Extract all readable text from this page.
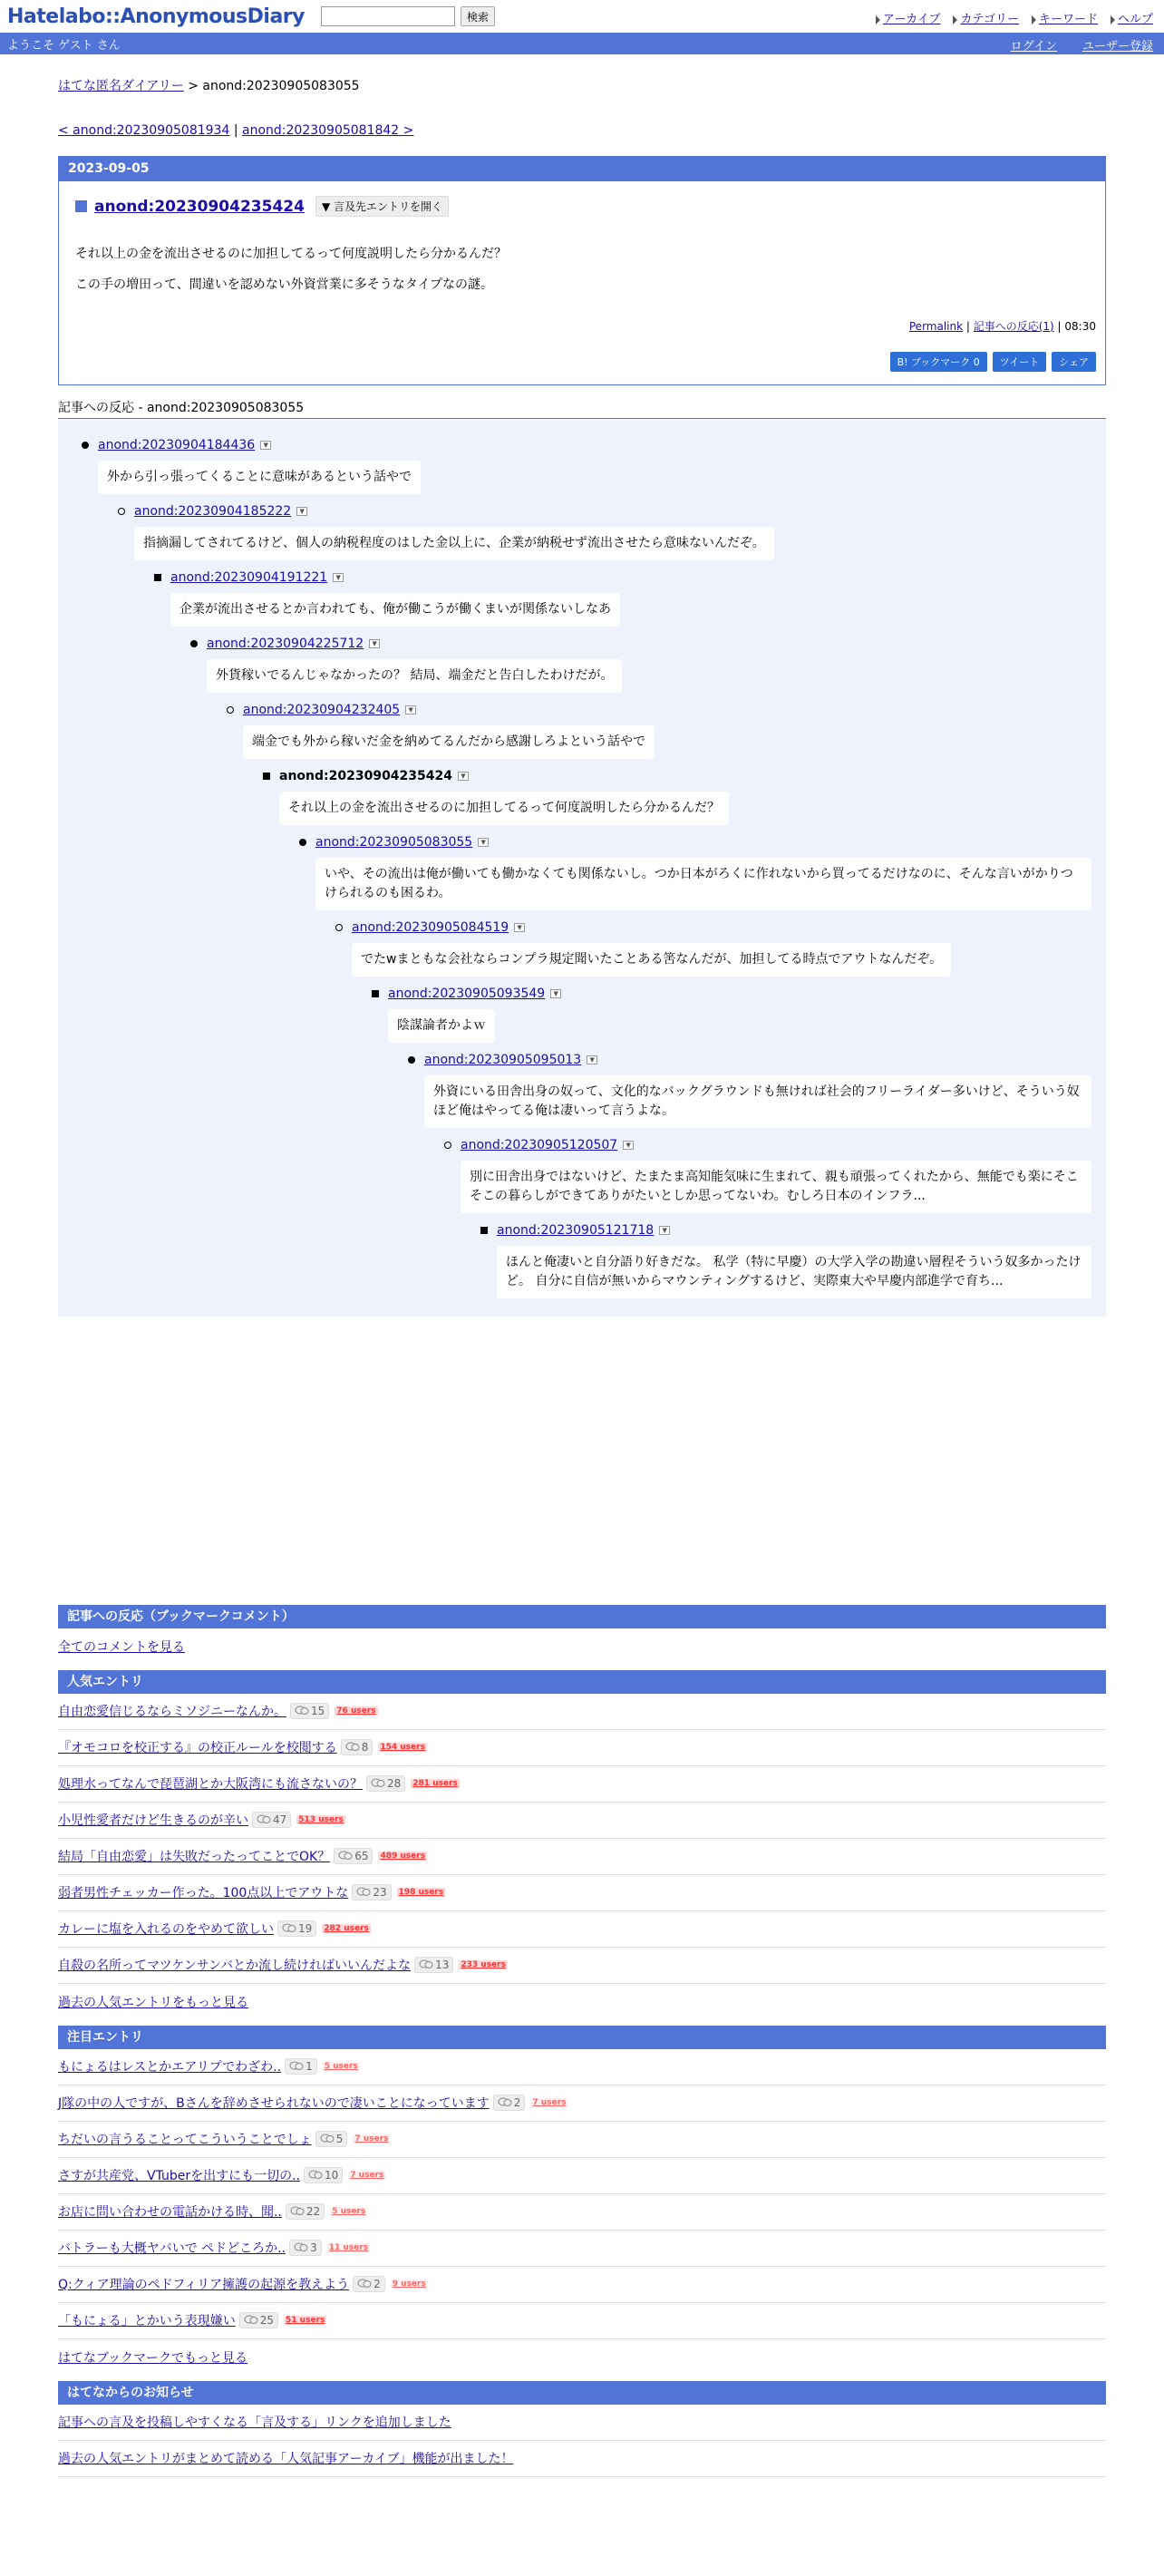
Hatelabo::AnonymousDiary	検索	アーカイブ	カテゴリー	キーワード	ヘルプ
ようこそ ゲスト さん	ログイン ユーザー登録
はてな匿名ダイアリー > anond:20230905083055
< anond:20230905081934 | anond:20230905081842 >
2023-09-05
anond:20230904235424	▼ 言及先エントリを開く

それ以上の金を流出させるのに加担してるって何度説明したら分かるんだ？

この手の増田って、間違いを認めない外資営業に多そうなタイプなの謎。

Permalink | 記事への反応(1) | 08:30
B! ブックマーク 0	ツイート	シェア
記事への反応 - anond:20230905083055
anond:20230904184436	▼
外から引っ張ってくることに意味があるという話やで
anond:20230904185222	▼
指摘漏してされてるけど、個人の納税程度のはした金以上に、企業が納税せず流出させたら意味ないんだぞ。
anond:20230904191221	▼
企業が流出させるとか言われても、俺が働こうが働くまいが関係ないしなあ
anond:20230904225712	▼
外貨稼いでるんじゃなかったの？ 結局、端金だと告白したわけだが。
anond:20230904232405	▼
端金でも外から稼いだ金を納めてるんだから感謝しろよという話やで
anond:20230904235424	▼
それ以上の金を流出させるのに加担してるって何度説明したら分かるんだ？
anond:20230905083055	▼
いや、その流出は俺が働いても働かなくても関係ないし。つか日本がろくに作れないから買ってるだけなのに、そんな言いがかりつけられるのも困るわ。
anond:20230905084519	▼
でたwまともな会社ならコンプラ規定聞いたことある筈なんだが、加担してる時点でアウトなんだぞ。
anond:20230905093549	▼
陰謀論者かよｗ
anond:20230905095013	▼
外資にいる田舎出身の奴って、文化的なバックグラウンドも無ければ社会的フリーライダー多いけど、そういう奴ほど俺はやってる俺は凄いって言うよな。
anond:20230905120507	▼
別に田舎出身ではないけど、たまたま高知能気味に生まれて、親も頑張ってくれたから、無能でも楽にそこそこの暮らしができてありがたいとしか思ってないわ。むしろ日本のインフラ...
anond:20230905121718	▼
ほんと俺凄いと自分語り好きだな。 私学（特に早慶）の大学入学の勘違い層程そういう奴多かったけど。 自分に自信が無いからマウンティングするけど、実際東大や早慶内部進学で育ち...
記事への反応（ブックマークコメント）
全てのコメントを見る
人気エントリ
自由恋愛信じるならミソジニーなんか。 15 76 users
『オモコロを校正する』の校正ルールを校閲する 8 154 users
処理水ってなんで琵琶湖とか大阪湾にも流さないの？ 28 281 users
小児性愛者だけど生きるのが辛い 47 513 users
結局「自由恋愛」は失敗だったってことでOK？ 65 489 users
弱者男性チェッカー作った。100点以上でアウトな 23 198 users
カレーに塩を入れるのをやめて欲しい 19 282 users
自殺の名所ってマツケンサンバとか流し続ければいいんだよな 13 233 users
過去の人気エントリをもっと見る
注目エントリ
もにょるはレスとかエアリプでわざわ.. 1 5 users
J隊の中の人ですが、Bさんを辞めさせられないので凄いことになっています 2 7 users
ちだいの言うることってこういうことでしょ 5 7 users
さすが共産党、VTuberを出すにも一切の.. 10 7 users
お店に問い合わせの電話かける時、聞.. 22 5 users
バトラーも大概ヤバいで ペドどころか.. 3 11 users
Q:クィア理論のペドフィリア擁護の起源を教えよう 2 9 users
「もにょる」とかいう表現嫌い 25 51 users
はてなブックマークでもっと見る
はてなからのお知らせ
記事への言及を投稿しやすくなる「言及する」リンクを追加しました
過去の人気エントリがまとめて読める「人気記事アーカイブ」機能が出ました！
